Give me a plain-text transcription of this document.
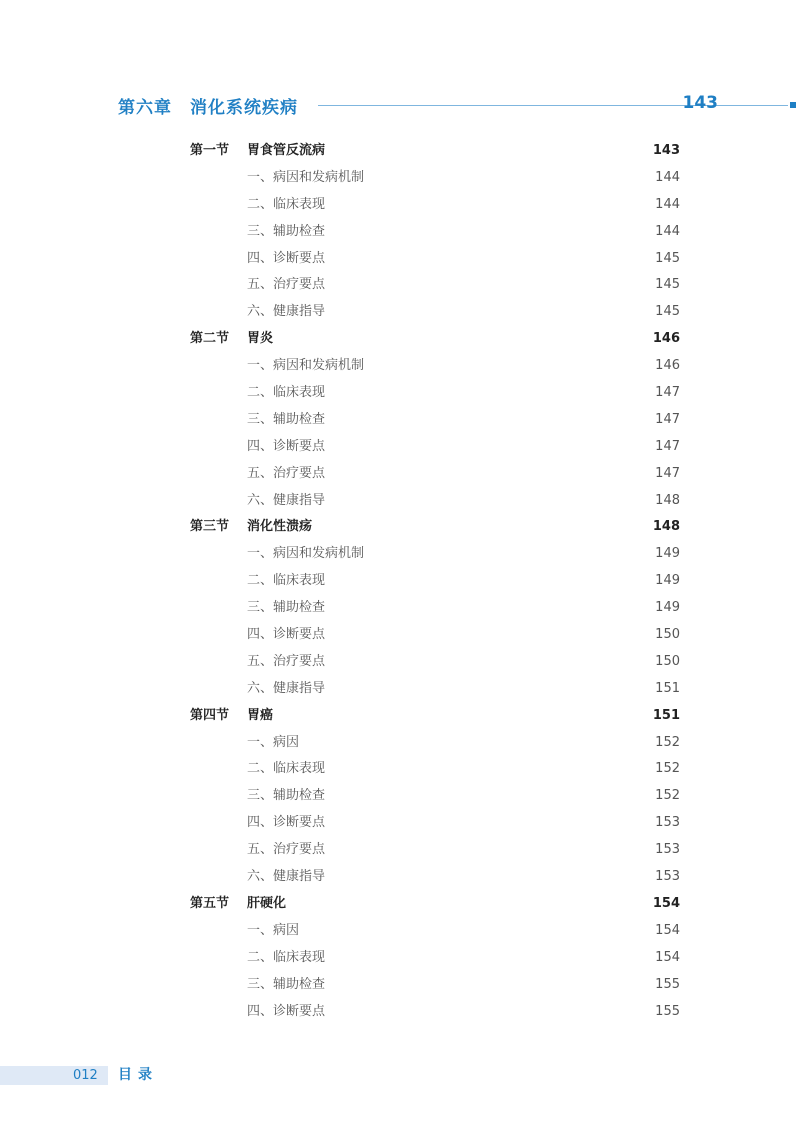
第六章　消化系统疾病	143
第一节 胃食管反流病	143
一、病因和发病机制	144
二、临床表现	144
三、辅助检查	144
四、诊断要点	145
五、治疗要点	145
六、健康指导	145
第二节 胃炎	146
一、病因和发病机制	146
二、临床表现	147
三、辅助检查	147
四、诊断要点	147
五、治疗要点	147
六、健康指导	148
第三节 消化性溃疡	148
一、病因和发病机制	149
二、临床表现	149
三、辅助检查	149
四、诊断要点	150
五、治疗要点	150
六、健康指导	151
第四节 胃癌	151
一、病因	152
二、临床表现	152
三、辅助检查	152
四、诊断要点	153
五、治疗要点	153
六、健康指导	153
第五节 肝硬化	154
一、病因	154
二、临床表现	154
三、辅助检查	155
四、诊断要点	155
012 目录
